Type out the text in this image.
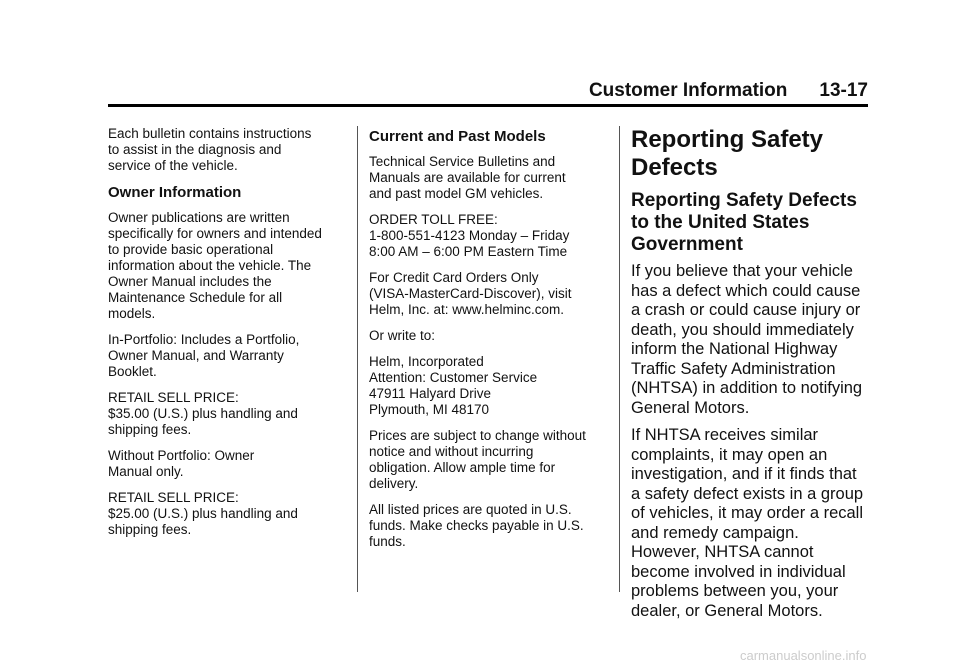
Customer Information 13-17

Each bulletin contains instructions
to assist in the diagnosis and
service of the vehicle.

Owner Information

Owner publications are written
specifically for owners and intended
to provide basic operational
information about the vehicle. The
Owner Manual includes the
Maintenance Schedule for all
models.

In-Portfolio: Includes a Portfolio,
Owner Manual, and Warranty
Booklet.

RETAIL SELL PRICE:
$35.00 (U.S.) plus handling and
shipping fees.

Without Portfolio: Owner
Manual only.

RETAIL SELL PRICE:
$25.00 (U.S.) plus handling and
shipping fees.

Current and Past Models

Technical Service Bulletins and
Manuals are available for current
and past model GM vehicles.

ORDER TOLL FREE:
1-800-551-4123 Monday – Friday
8:00 AM – 6:00 PM Eastern Time

For Credit Card Orders Only
(VISA-MasterCard-Discover), visit
Helm, Inc. at: www.helminc.com.

Or write to:

Helm, Incorporated
Attention: Customer Service
47911 Halyard Drive
Plymouth, MI 48170

Prices are subject to change without
notice and without incurring
obligation. Allow ample time for
delivery.

All listed prices are quoted in U.S.
funds. Make checks payable in U.S.
funds.

Reporting Safety
Defects
Reporting Safety Defects
to the United States
Government

If you believe that your vehicle
has a defect which could cause
a crash or could cause injury or
death, you should immediately
inform the National Highway
Traffic Safety Administration
(NHTSA) in addition to notifying
General Motors.

If NHTSA receives similar
complaints, it may open an
investigation, and if it finds that
a safety defect exists in a group
of vehicles, it may order a recall
and remedy campaign.
However, NHTSA cannot
become involved in individual
problems between you, your
dealer, or General Motors.

carmanualsonline.info
